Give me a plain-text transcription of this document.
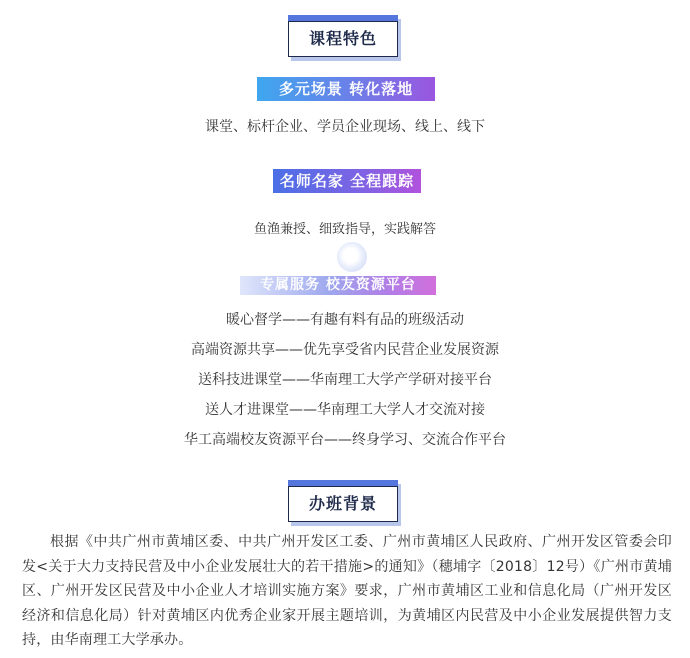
课程特色
多元场景 转化落地
课堂、标杆企业、学员企业现场、线上、线下
名师名家 全程跟踪
鱼渔兼授、细致指导，实践解答
专属服务 校友资源平台
暖心督学——有趣有料有品的班级活动
高端资源共享——优先享受省内民营企业发展资源
送科技进课堂——华南理工大学产学研对接平台
送人才进课堂——华南理工大学人才交流对接
华工高端校友资源平台——终身学习、交流合作平台
办班背景

根据《中共广州市黄埔区委、中共广州开发区工委、广州市黄埔区人民政府、广州开发区管委会印发<关于大力支持民营及中小企业发展壮大的若干措施>的通知》（穗埔字〔2018〕12号）《广州市黄埔区、广州开发区民营及中小企业人才培训实施方案》要求，广州市黄埔区工业和信息化局（广州开发区经济和信息化局）针对黄埔区内优秀企业家开展主题培训，为黄埔区内民营及中小企业发展提供智力支持，由华南理工大学承办。
